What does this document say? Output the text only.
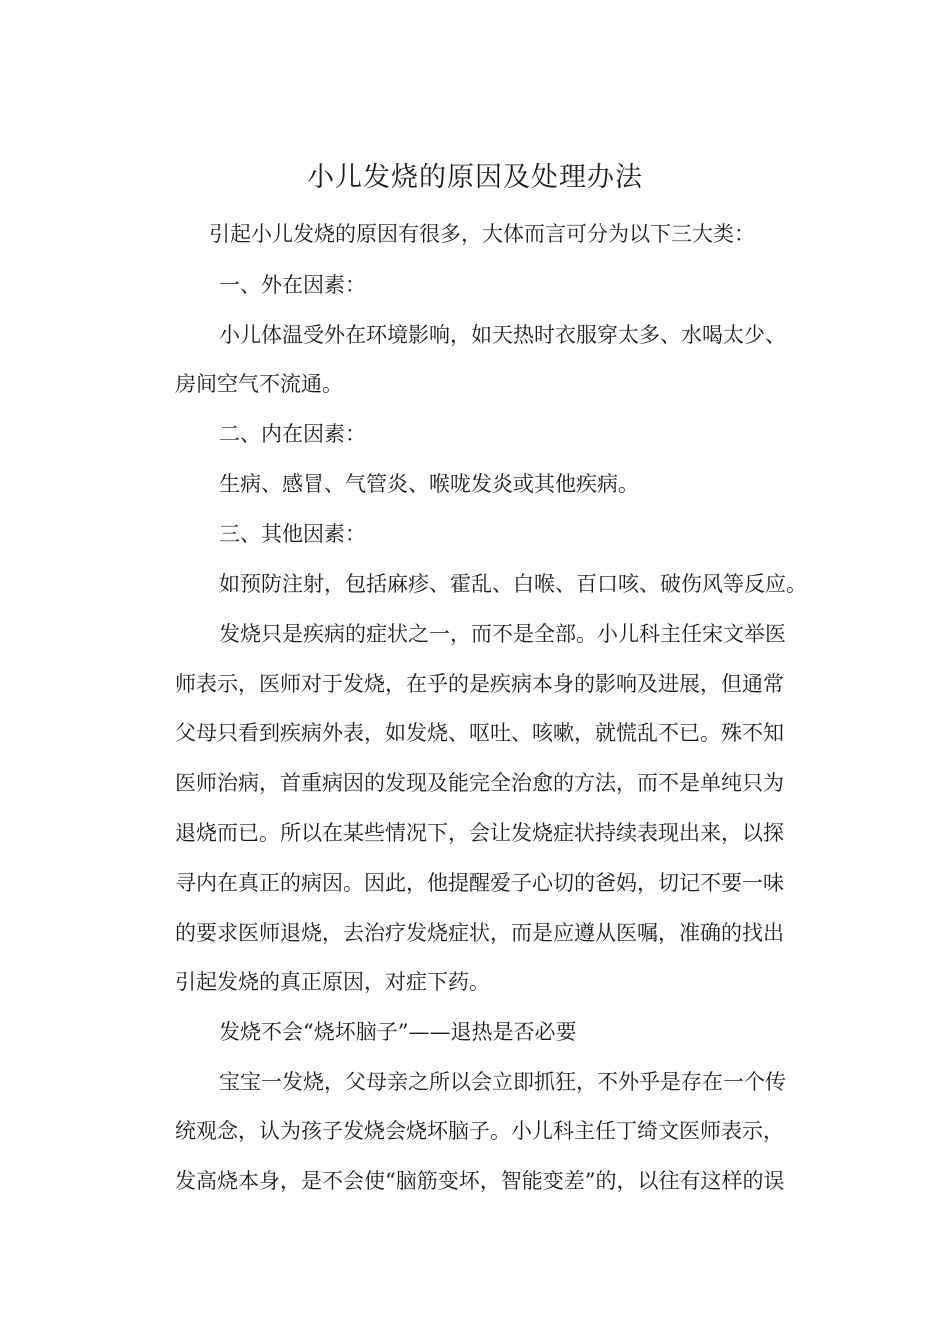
小儿发烧的原因及处理办法
引起小儿发烧的原因有很多，大体而言可分为以下三大类：
一、外在因素：
小儿体温受外在环境影响，如天热时衣服穿太多、水喝太少、
房间空气不流通。
二、内在因素：
生病、感冒、气管炎、喉咙发炎或其他疾病。
三、其他因素：
如预防注射，包括麻疹、霍乱、白喉、百口咳、破伤风等反应。
发烧只是疾病的症状之一，而不是全部。小儿科主任宋文举医
师表示，医师对于发烧，在乎的是疾病本身的影响及进展，但通常
父母只看到疾病外表，如发烧、呕吐、咳嗽，就慌乱不已。殊不知
医师治病，首重病因的发现及能完全治愈的方法，而不是单纯只为
退烧而已。所以在某些情况下，会让发烧症状持续表现出来，以探
寻内在真正的病因。因此，他提醒爱子心切的爸妈，切记不要一味
的要求医师退烧，去治疗发烧症状，而是应遵从医嘱，准确的找出
引起发烧的真正原因，对症下药。
发烧不会“烧坏脑子”——退热是否必要
宝宝一发烧，父母亲之所以会立即抓狂，不外乎是存在一个传
统观念，认为孩子发烧会烧坏脑子。小儿科主任丁绮文医师表示，
发高烧本身，是不会使“脑筋变坏，智能变差”的，以往有这样的误
